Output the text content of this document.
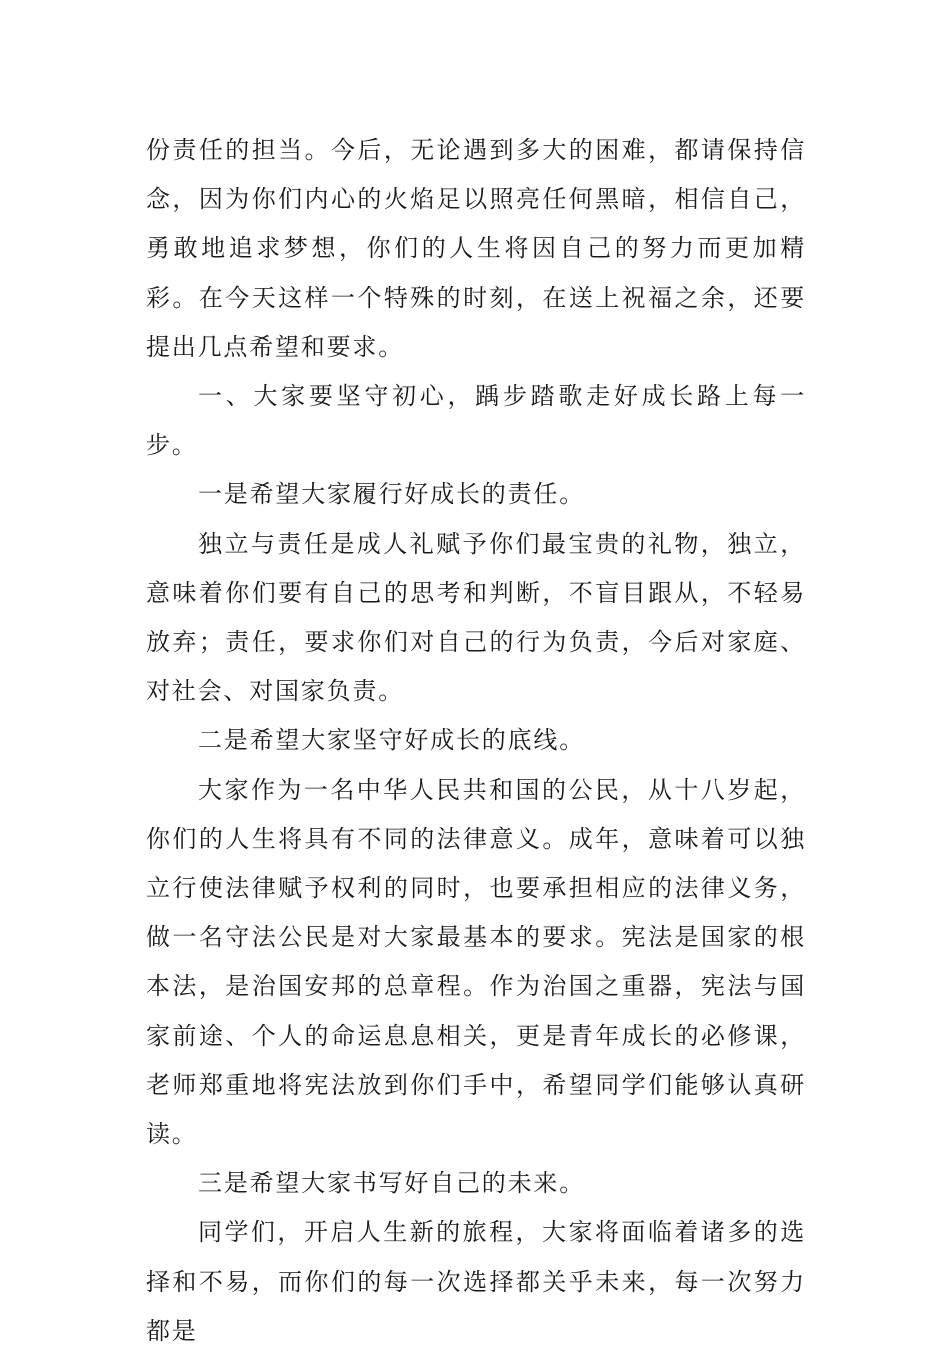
份责任的担当。今后，无论遇到多大的困难，都请保持信念，因为你们内心的火焰足以照亮任何黑暗，相信自己，勇敢地追求梦想，你们的人生将因自己的努力而更加精彩。在今天这样一个特殊的时刻，在送上祝福之余，还要提出几点希望和要求。

一、大家要坚守初心，踽步踏歌走好成长路上每一步。

一是希望大家履行好成长的责任。

独立与责任是成人礼赋予你们最宝贵的礼物，独立，意味着你们要有自己的思考和判断，不盲目跟从，不轻易放弃；责任，要求你们对自己的行为负责，今后对家庭、对社会、对国家负责。

二是希望大家坚守好成长的底线。

大家作为一名中华人民共和国的公民，从十八岁起，你们的人生将具有不同的法律意义。成年，意味着可以独立行使法律赋予权利的同时，也要承担相应的法律义务，做一名守法公民是对大家最基本的要求。宪法是国家的根本法，是治国安邦的总章程。作为治国之重器，宪法与国家前途、个人的命运息息相关，更是青年成长的必修课，老师郑重地将宪法放到你们手中，希望同学们能够认真研读。

三是希望大家书写好自己的未来。

同学们，开启人生新的旅程，大家将面临着诸多的选择和不易，而你们的每一次选择都关乎未来，每一次努力都是
